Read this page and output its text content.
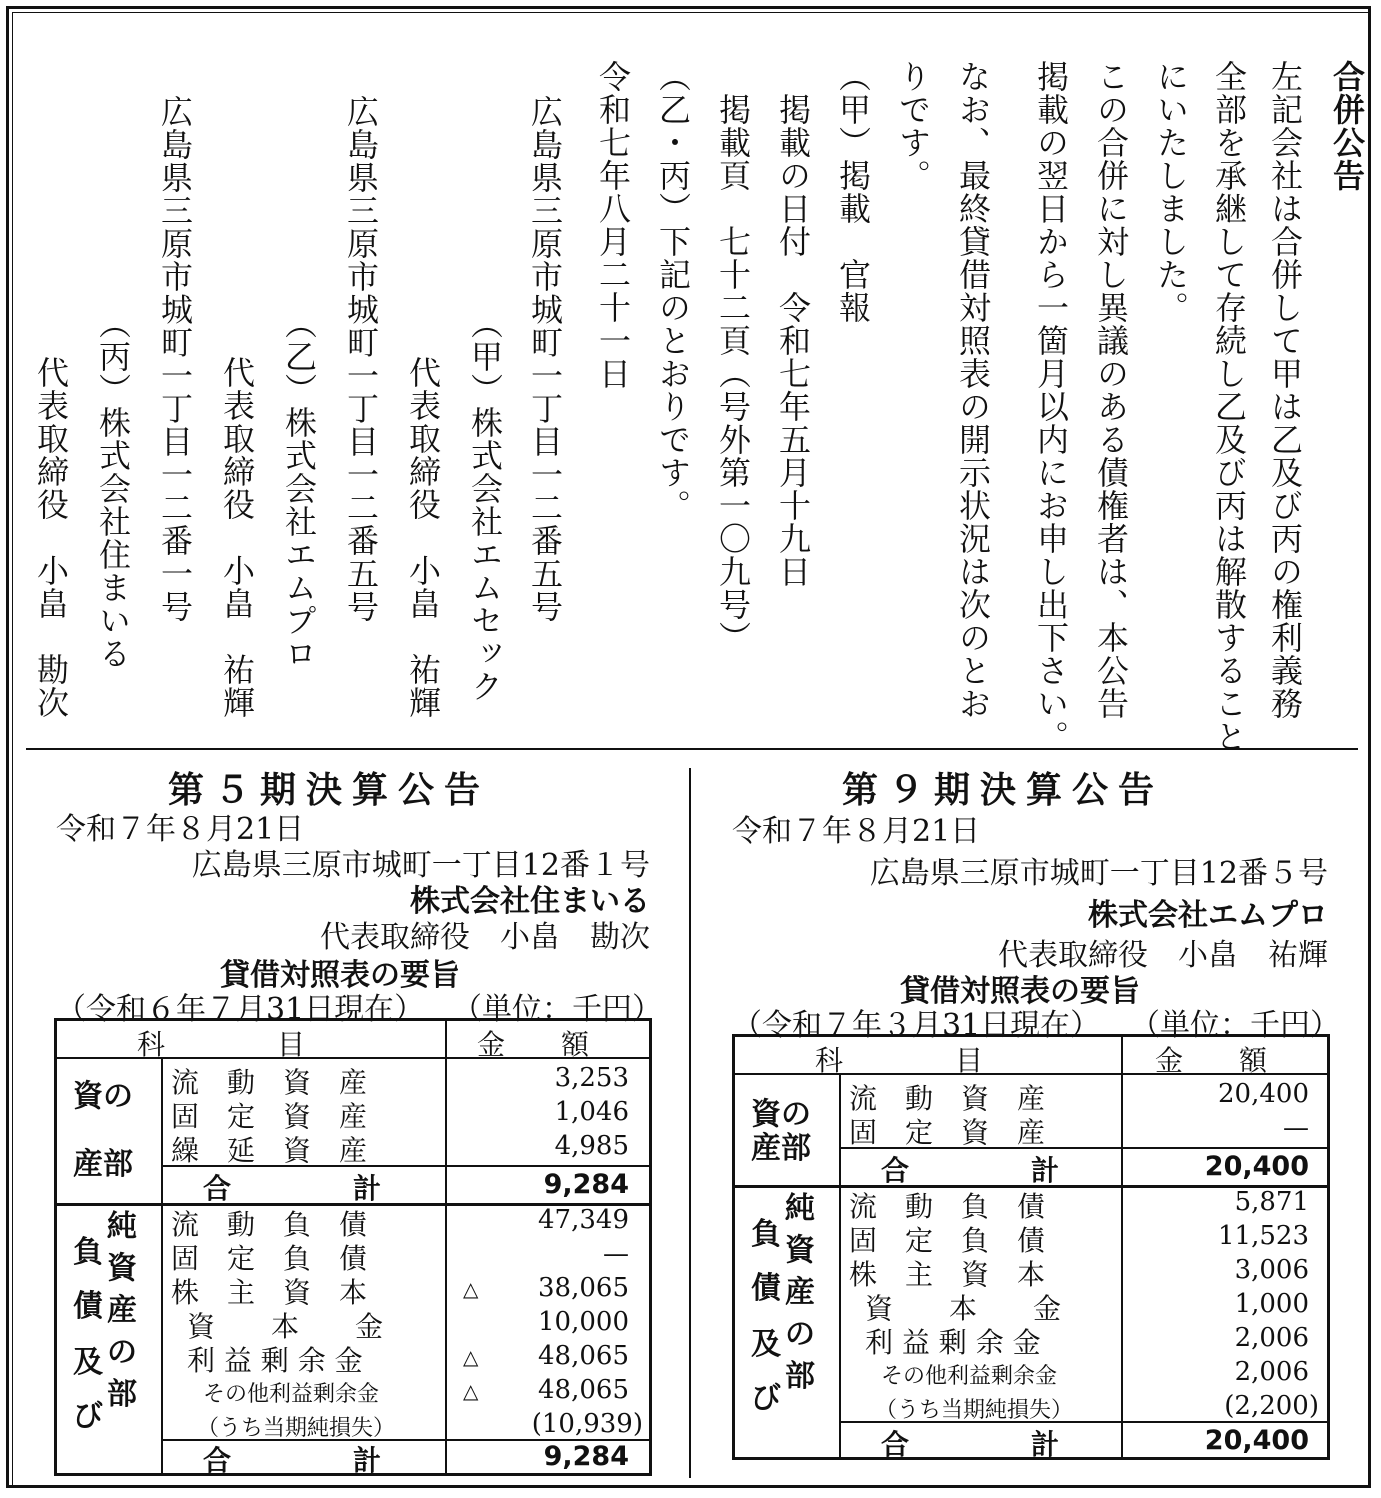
合併公告
左記会社は合併して甲は乙及び丙の権利義務
全部を承継して存続し乙及び丙は解散すること
にいたしました。
この合併に対し異議のある債権者は、本公告
掲載の翌日から一箇月以内にお申し出下さい。
なお、最終貸借対照表の開示状況は次のとお
りです。
（甲）掲載　官報
　掲載の日付　令和七年五月十九日
　掲載頁　七十二頁（号外第一〇九号）
（乙・丙）下記のとおりです。
令和七年八月二十一日
広島県三原市城町一丁目一二番五号
　（甲）株式会社エムセック
　　代表取締役　小畠　祐輝
広島県三原市城町一丁目一二番五号
　（乙）株式会社エムプロ
　　代表取締役　小畠　祐輝
広島県三原市城町一丁目一二番一号
　（丙）株式会社住まいる
　　代表取締役　小畠　勘次
第５期決算公告
令和７年８月21日
広島県三原市城町一丁目12番１号
株式会社住まいる
代表取締役　小畠　勘次
貸借対照表の要旨
（令和６年７月31日現在） （単位：千円）
科　　　　目	金　　額
資の
産部
流　動　資　産	3,253
固　定　資　産	1,046
繰　延　資　産	4,985
合　　計	9,284
負
債
及
び
純
資
産
の
部
流　動　負　債	47,349
固　定　負　債	—
株　主　資　本	△	38,065
資　　本　　金	10,000
利 益 剰 余 金	△	48,065
その他利益剰余金	△	48,065
（うち当期純損失）	(10,939)
合　　計	9,284
第９期決算公告
令和７年８月21日
広島県三原市城町一丁目12番５号
株式会社エムプロ
代表取締役　小畠　祐輝
貸借対照表の要旨
（令和７年３月31日現在） （単位：千円）
科　　　　目	金　　額
資の
産部
流　動　資　産	20,400
固　定　資　産	—
合　　計	20,400
負
債
及
び
純
資
産
の
部
流　動　負　債	5,871
固　定　負　債	11,523
株　主　資　本	3,006
資　　本　　金	1,000
利 益 剰 余 金	2,006
その他利益剰余金	2,006
（うち当期純損失）	(2,200)
合　　計	20,400
